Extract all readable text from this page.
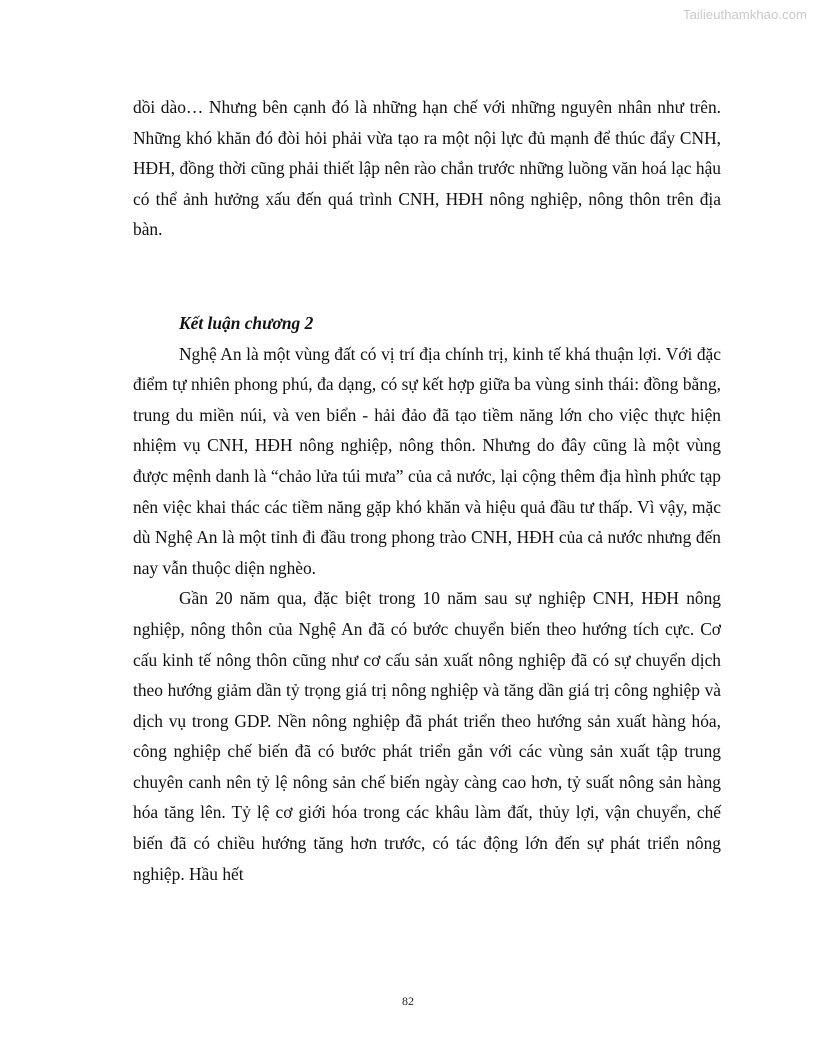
Tailieuthamkhao.com

dồi dào… Nhưng bên cạnh đó là những hạn chế với những nguyên nhân như trên. Những khó khăn đó đòi hỏi phải vừa tạo ra một nội lực đủ mạnh để thúc đẩy CNH, HĐH, đồng thời cũng phải thiết lập nên rào chắn trước những luồng văn hoá lạc hậu có thể ảnh hưởng xấu đến quá trình CNH, HĐH nông nghiệp, nông thôn trên địa bàn.

Kết luận chương 2

Nghệ An là một vùng đất có vị trí địa chính trị, kinh tế khá thuận lợi. Với đặc điểm tự nhiên phong phú, đa dạng, có sự kết hợp giữa ba vùng sinh thái: đồng bằng, trung du miền núi, và ven biển - hải đảo đã tạo tiềm năng lớn cho việc thực hiện nhiệm vụ CNH, HĐH nông nghiệp, nông thôn. Nhưng do đây cũng là một vùng được mệnh danh là “chảo lửa túi mưa” của cả nước, lại cộng thêm địa hình phức tạp nên việc khai thác các tiềm năng gặp khó khăn và hiệu quả đầu tư thấp. Vì vậy, mặc dù Nghệ An là một tỉnh đi đầu trong phong trào CNH, HĐH của cả nước nhưng đến nay vẫn thuộc diện nghèo.

Gần 20 năm qua, đặc biệt trong 10 năm sau sự nghiệp CNH, HĐH nông nghiệp, nông thôn của Nghệ An đã có bước chuyển biến theo hướng tích cực. Cơ cấu kinh tế nông thôn cũng như cơ cấu sản xuất nông nghiệp đã có sự chuyển dịch theo hướng giảm dần tỷ trọng giá trị nông nghiệp và tăng dần giá trị công nghiệp và dịch vụ trong GDP. Nền nông nghiệp đã phát triển theo hướng sản xuất hàng hóa, công nghiệp chế biến đã có bước phát triển gắn với các vùng sản xuất tập trung chuyên canh nên tỷ lệ nông sản chế biến ngày càng cao hơn, tỷ suất nông sản hàng hóa tăng lên. Tỷ lệ cơ giới hóa trong các khâu làm đất, thủy lợi, vận chuyển, chế biến đã có chiều hướng tăng hơn trước, có tác động lớn đến sự phát triển nông nghiệp. Hầu hết

82
